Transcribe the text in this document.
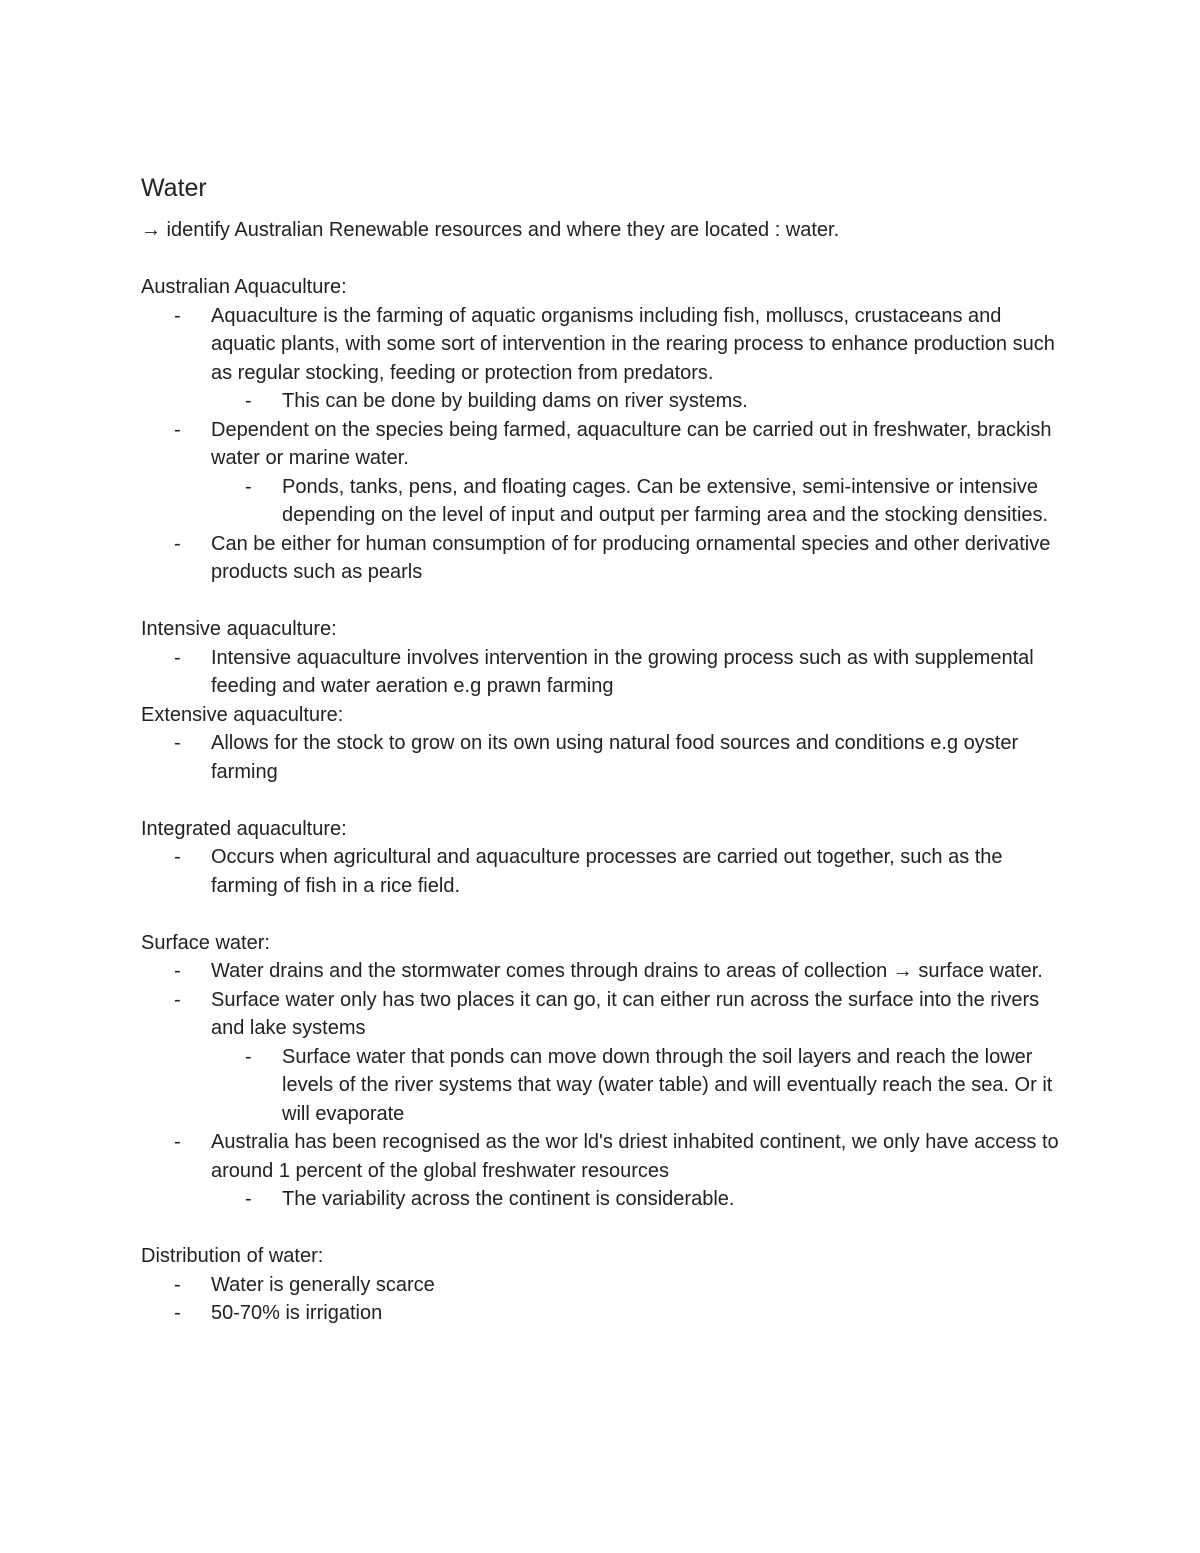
Water
→ identify Australian Renewable resources and where they are located : water.
Australian Aquaculture:
- Aquaculture is the farming of aquatic organisms including fish, molluscs, crustaceans and aquatic plants, with some sort of intervention in the rearing process to enhance production such as regular stocking, feeding or protection from predators.
- This can be done by building dams on river systems.
- Dependent on the species being farmed, aquaculture can be carried out in freshwater, brackish water or marine water.
- Ponds, tanks, pens, and floating cages. Can be extensive, semi-intensive or intensive depending on the level of input and output per farming area and the stocking densities.
- Can be either for human consumption of for producing ornamental species and other derivative products such as pearls
Intensive aquaculture:
- Intensive aquaculture involves intervention in the growing process such as with supplemental feeding and water aeration e.g prawn farming
Extensive aquaculture:
- Allows for the stock to grow on its own using natural food sources and conditions e.g oyster farming
Integrated aquaculture:
- Occurs when agricultural and aquaculture processes are carried out together, such as the farming of fish in a rice field.
Surface water:
- Water drains and the stormwater comes through drains to areas of collection → surface water.
- Surface water only has two places it can go, it can either run across the surface into the rivers and lake systems
- Surface water that ponds can move down through the soil layers and reach the lower levels of the river systems that way (water table) and will eventually reach the sea. Or it will evaporate
- Australia has been recognised as the wor ld's driest inhabited continent, we only have access to around 1 percent of the global freshwater resources
- The variability across the continent is considerable.
Distribution of water:
- Water is generally scarce
- 50-70% is irrigation
